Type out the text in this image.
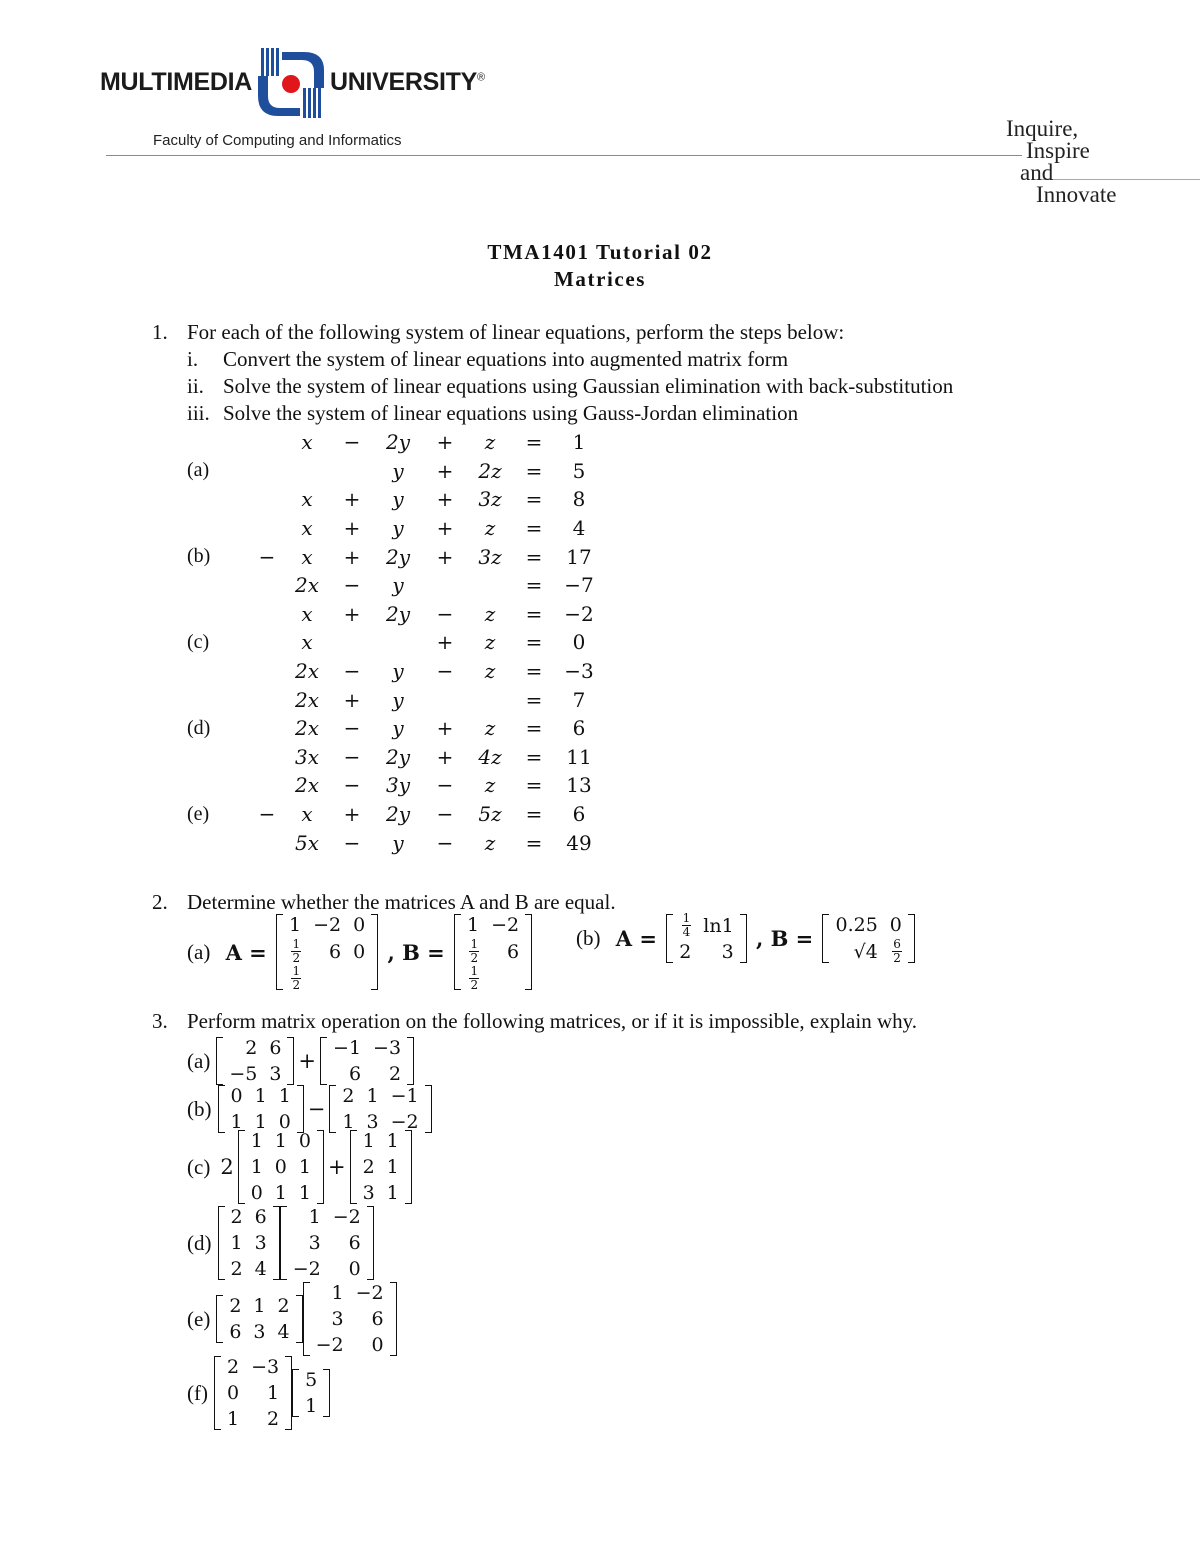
MULTIMEDIA	UNIVERSITY®
Faculty of Computing and Informatics	Inquire,
Inspire
and
Innovate
TMA1401 Tutorial 02
Matrices
1. For each of the following system of linear equations, perform the steps below:
i. Convert the system of linear equations into augmented matrix form
ii. Solve the system of linear equations using Gaussian elimination with back-substitution
iii. Solve the system of linear equations using Gauss-Jordan elimination
		x	−	2y	+	z	=	1
(a)				y	+	2z	=	5
		x	+	y	+	3z	=	8
		x	+	y	+	z	=	4
(b)	−	x	+	2y	+	3z	=	17
		2x	−	y			=	−7
		x	+	2y	−	z	=	−2
(c)		x			+	z	=	0
		2x	−	y	−	z	=	−3
		2x	+	y			=	7
(d)		2x	−	y	+	z	=	6
		3x	−	2y	+	4z	=	11
		2x	−	3y	−	z	=	13
(e)	−	x	+	2y	−	5z	=	6
		5x	−	y	−	z	=	49
2. Determine whether the matrices A and B are equal.
(a) A =
1	−2	0

$\frac{1}{2}$	6	0

$\frac{1}{2}$

, B =
1	−2

$\frac{1}{2}$	6

$\frac{1}{2}$

(b) $A = \frac{1}{4}$	ln1
2	3
, B =
0.25	0
√4	$\frac{6}{2}$
3. Perform matrix operation on the following matrices, or if it is impossible, explain why.
(a)
2	6
−5	3
+
−1	−3
6	2
(b)
0	1	1
1	1	0
−
2	1	−1
1	3	−2
(c) 2
1	1	0
1	0	1
0	1	1
+
1	1
2	1
3	1
(d)
2	6
1	3
2	4
1	−2
3	6
−2	0
(e)
2	1	2
6	3	4
1	−2
3	6
−2	0
(f)
2	−3
0	1
1	2
5
1
